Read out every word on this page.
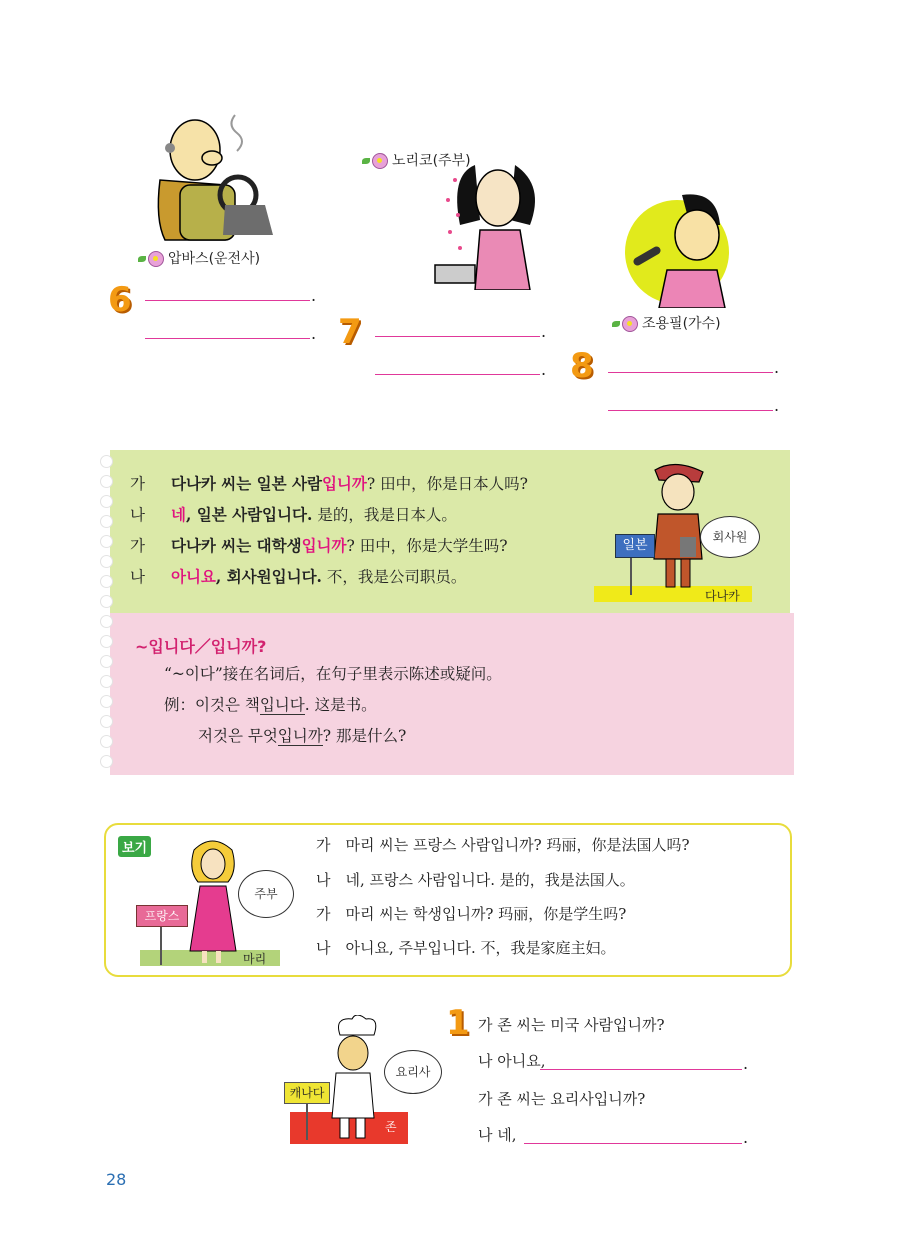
압바스(운전사)
6	.
.
노리코(주부)
7	.
.
조용필(가수)
8	.
.
가 다나카 씨는 일본 사람입니까? 田中，你是日本人吗?
나 네, 일본 사람입니다. 是的，我是日本人。
가 다나카 씨는 대학생입니까? 田中，你是大学生吗?
나 아니요, 회사원입니다. 不，我是公司职员。
다나카
일본
회사원
~입니다／입니까?
“~이다”接在名词后，在句子里表示陈述或疑问。
例：이것은 책입니다. 这是书。
저것은 무엇입니까? 那是什么?
보기
마리
프랑스
주부
가　마리 씨는 프랑스 사람입니까? 玛丽，你是法国人吗?
나　네, 프랑스 사람입니다. 是的，我是法国人。
가　마리 씨는 학생입니까? 玛丽，你是学生吗?
나　아니요, 주부입니다. 不，我是家庭主妇。
존
캐나다
요리사
1 가 존 씨는 미국 사람입니까?
나 아니요,	.
가 존 씨는 요리사입니까?
나 네,	.
28
